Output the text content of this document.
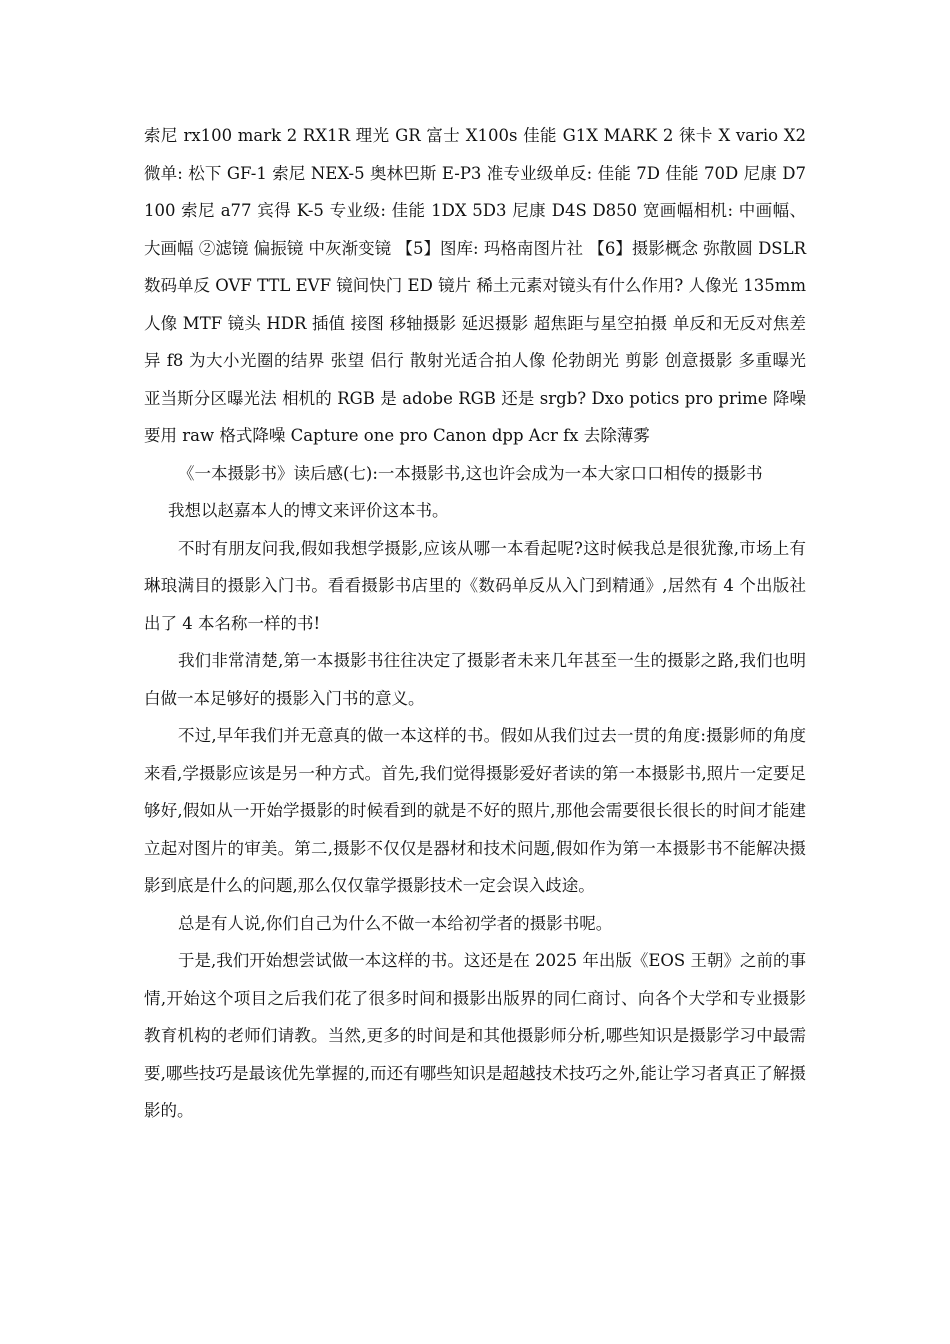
索尼 rx100 mark 2 RX1R 理光 GR 富士 X100s 佳能 G1X MARK 2 徕卡 X vario X2 微单: 松下 GF-1 索尼 NEX-5 奥林巴斯 E-P3 准专业级单反: 佳能 7D 佳能 70D 尼康 D7100 索尼 a77 宾得 K-5 专业级: 佳能 1DX 5D3 尼康 D4S D850 宽画幅相机: 中画幅、大画幅 ②滤镜 偏振镜 中灰渐变镜 【5】图库: 玛格南图片社 【6】摄影概念 弥散圆 DSLR 数码单反 OVF TTL EVF 镜间快门 ED 镜片 稀土元素对镜头有什么作用? 人像光 135mm 人像 MTF 镜头 HDR 插值 接图 移轴摄影 延迟摄影 超焦距与星空拍摄 单反和无反对焦差异 f8 为大小光圈的结界 张望 侣行 散射光适合拍人像 伦勃朗光 剪影 创意摄影 多重曝光 亚当斯分区曝光法 相机的 RGB 是 adobe RGB 还是 srgb? Dxo potics pro prime 降噪要用 raw 格式降噪 Capture one pro Canon dpp Acr fx 去除薄雾

《一本摄影书》读后感(七):一本摄影书,这也许会成为一本大家口口相传的摄影书

我想以赵嘉本人的博文来评价这本书。

不时有朋友问我,假如我想学摄影,应该从哪一本看起呢?这时候我总是很犹豫,市场上有琳琅满目的摄影入门书。看看摄影书店里的《数码单反从入门到精通》,居然有 4 个出版社出了 4 本名称一样的书!

我们非常清楚,第一本摄影书往往决定了摄影者未来几年甚至一生的摄影之路,我们也明白做一本足够好的摄影入门书的意义。

不过,早年我们并无意真的做一本这样的书。假如从我们过去一贯的角度:摄影师的角度来看,学摄影应该是另一种方式。首先,我们觉得摄影爱好者读的第一本摄影书,照片一定要足够好,假如从一开始学摄影的时候看到的就是不好的照片,那他会需要很长很长的时间才能建立起对图片的审美。第二,摄影不仅仅是器材和技术问题,假如作为第一本摄影书不能解决摄影到底是什么的问题,那么仅仅靠学摄影技术一定会误入歧途。

总是有人说,你们自己为什么不做一本给初学者的摄影书呢。

于是,我们开始想尝试做一本这样的书。这还是在 2025 年出版《EOS 王朝》之前的事情,开始这个项目之后我们花了很多时间和摄影出版界的同仁商讨、向各个大学和专业摄影教育机构的老师们请教。当然,更多的时间是和其他摄影师分析,哪些知识是摄影学习中最需要,哪些技巧是最该优先掌握的,而还有哪些知识是超越技术技巧之外,能让学习者真正了解摄影的。
